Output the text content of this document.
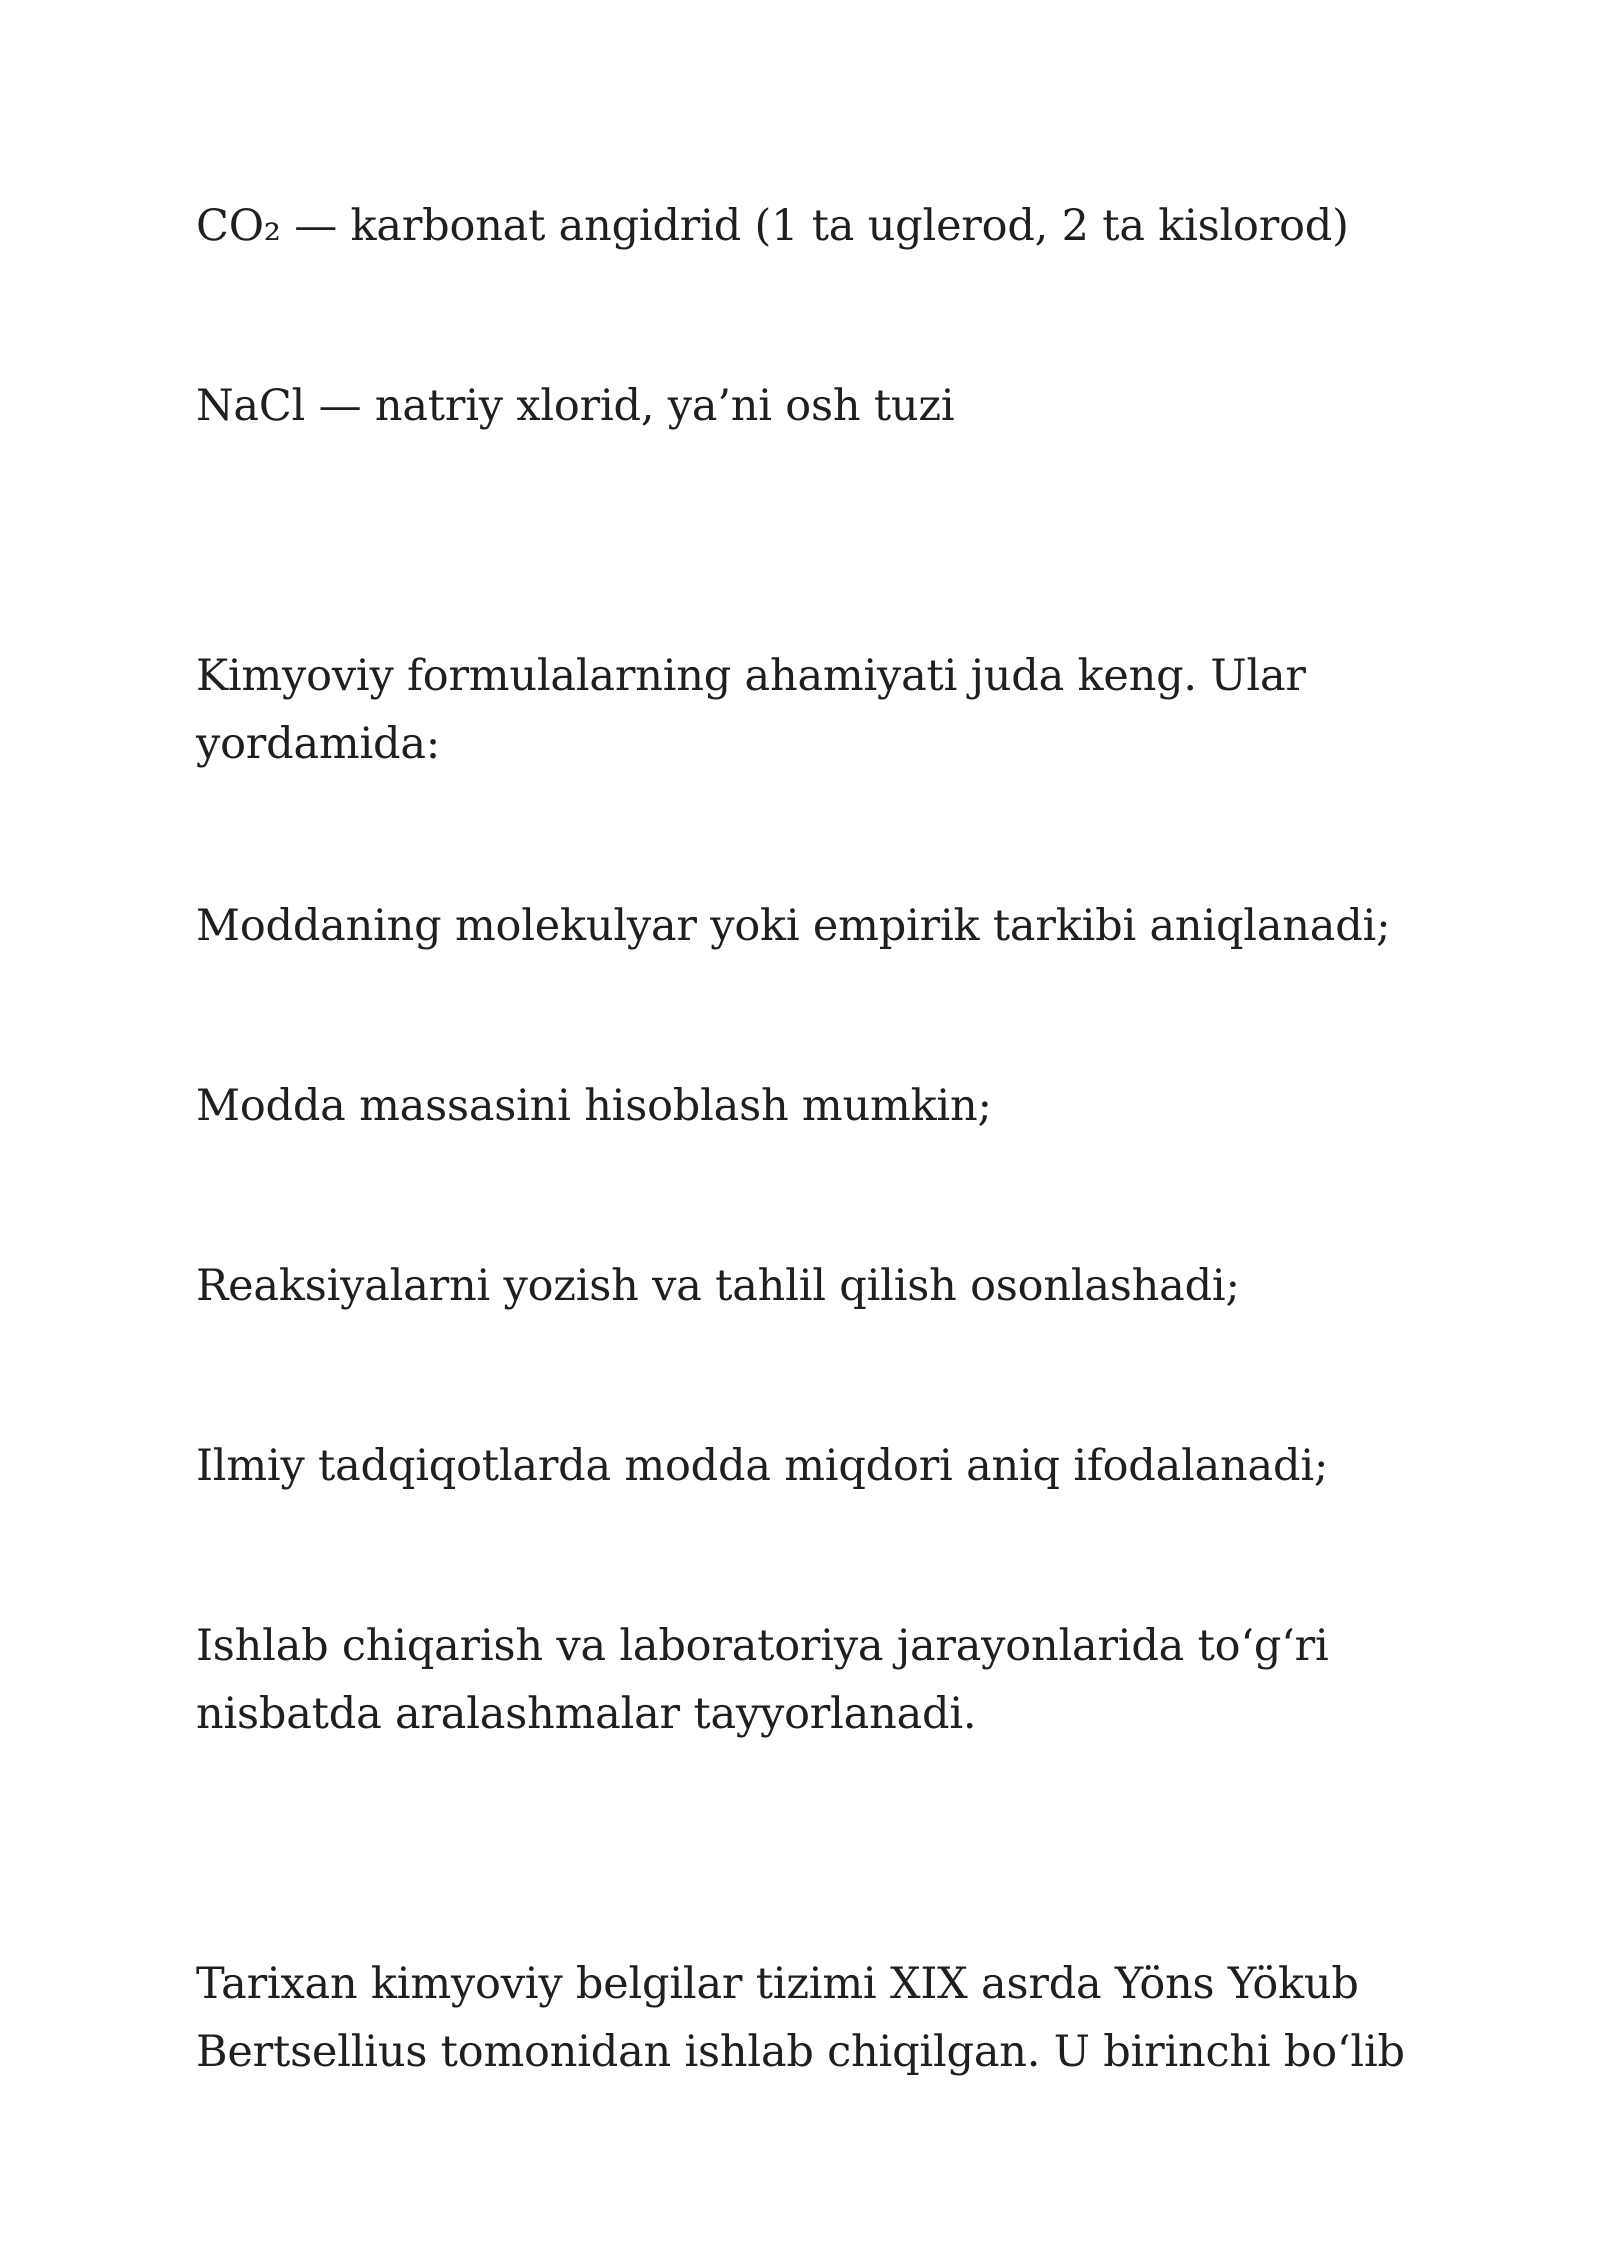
CO₂ — karbonat angidrid (1 ta uglerod, 2 ta kislorod)

NaCl — natriy xlorid, ya’ni osh tuzi

Kimyoviy formulalarning ahamiyati juda keng. Ular yordamida:

Moddaning molekulyar yoki empirik tarkibi aniqlanadi;

Modda massasini hisoblash mumkin;

Reaksiyalarni yozish va tahlil qilish osonlashadi;

Ilmiy tadqiqotlarda modda miqdori aniq ifodalanadi;

Ishlab chiqarish va laboratoriya jarayonlarida to‘g‘ri nisbatda aralashmalar tayyorlanadi.

Tarixan kimyoviy belgilar tizimi XIX asrda Yöns Yökub Bertsellius tomonidan ishlab chiqilgan. U birinchi bo‘lib
